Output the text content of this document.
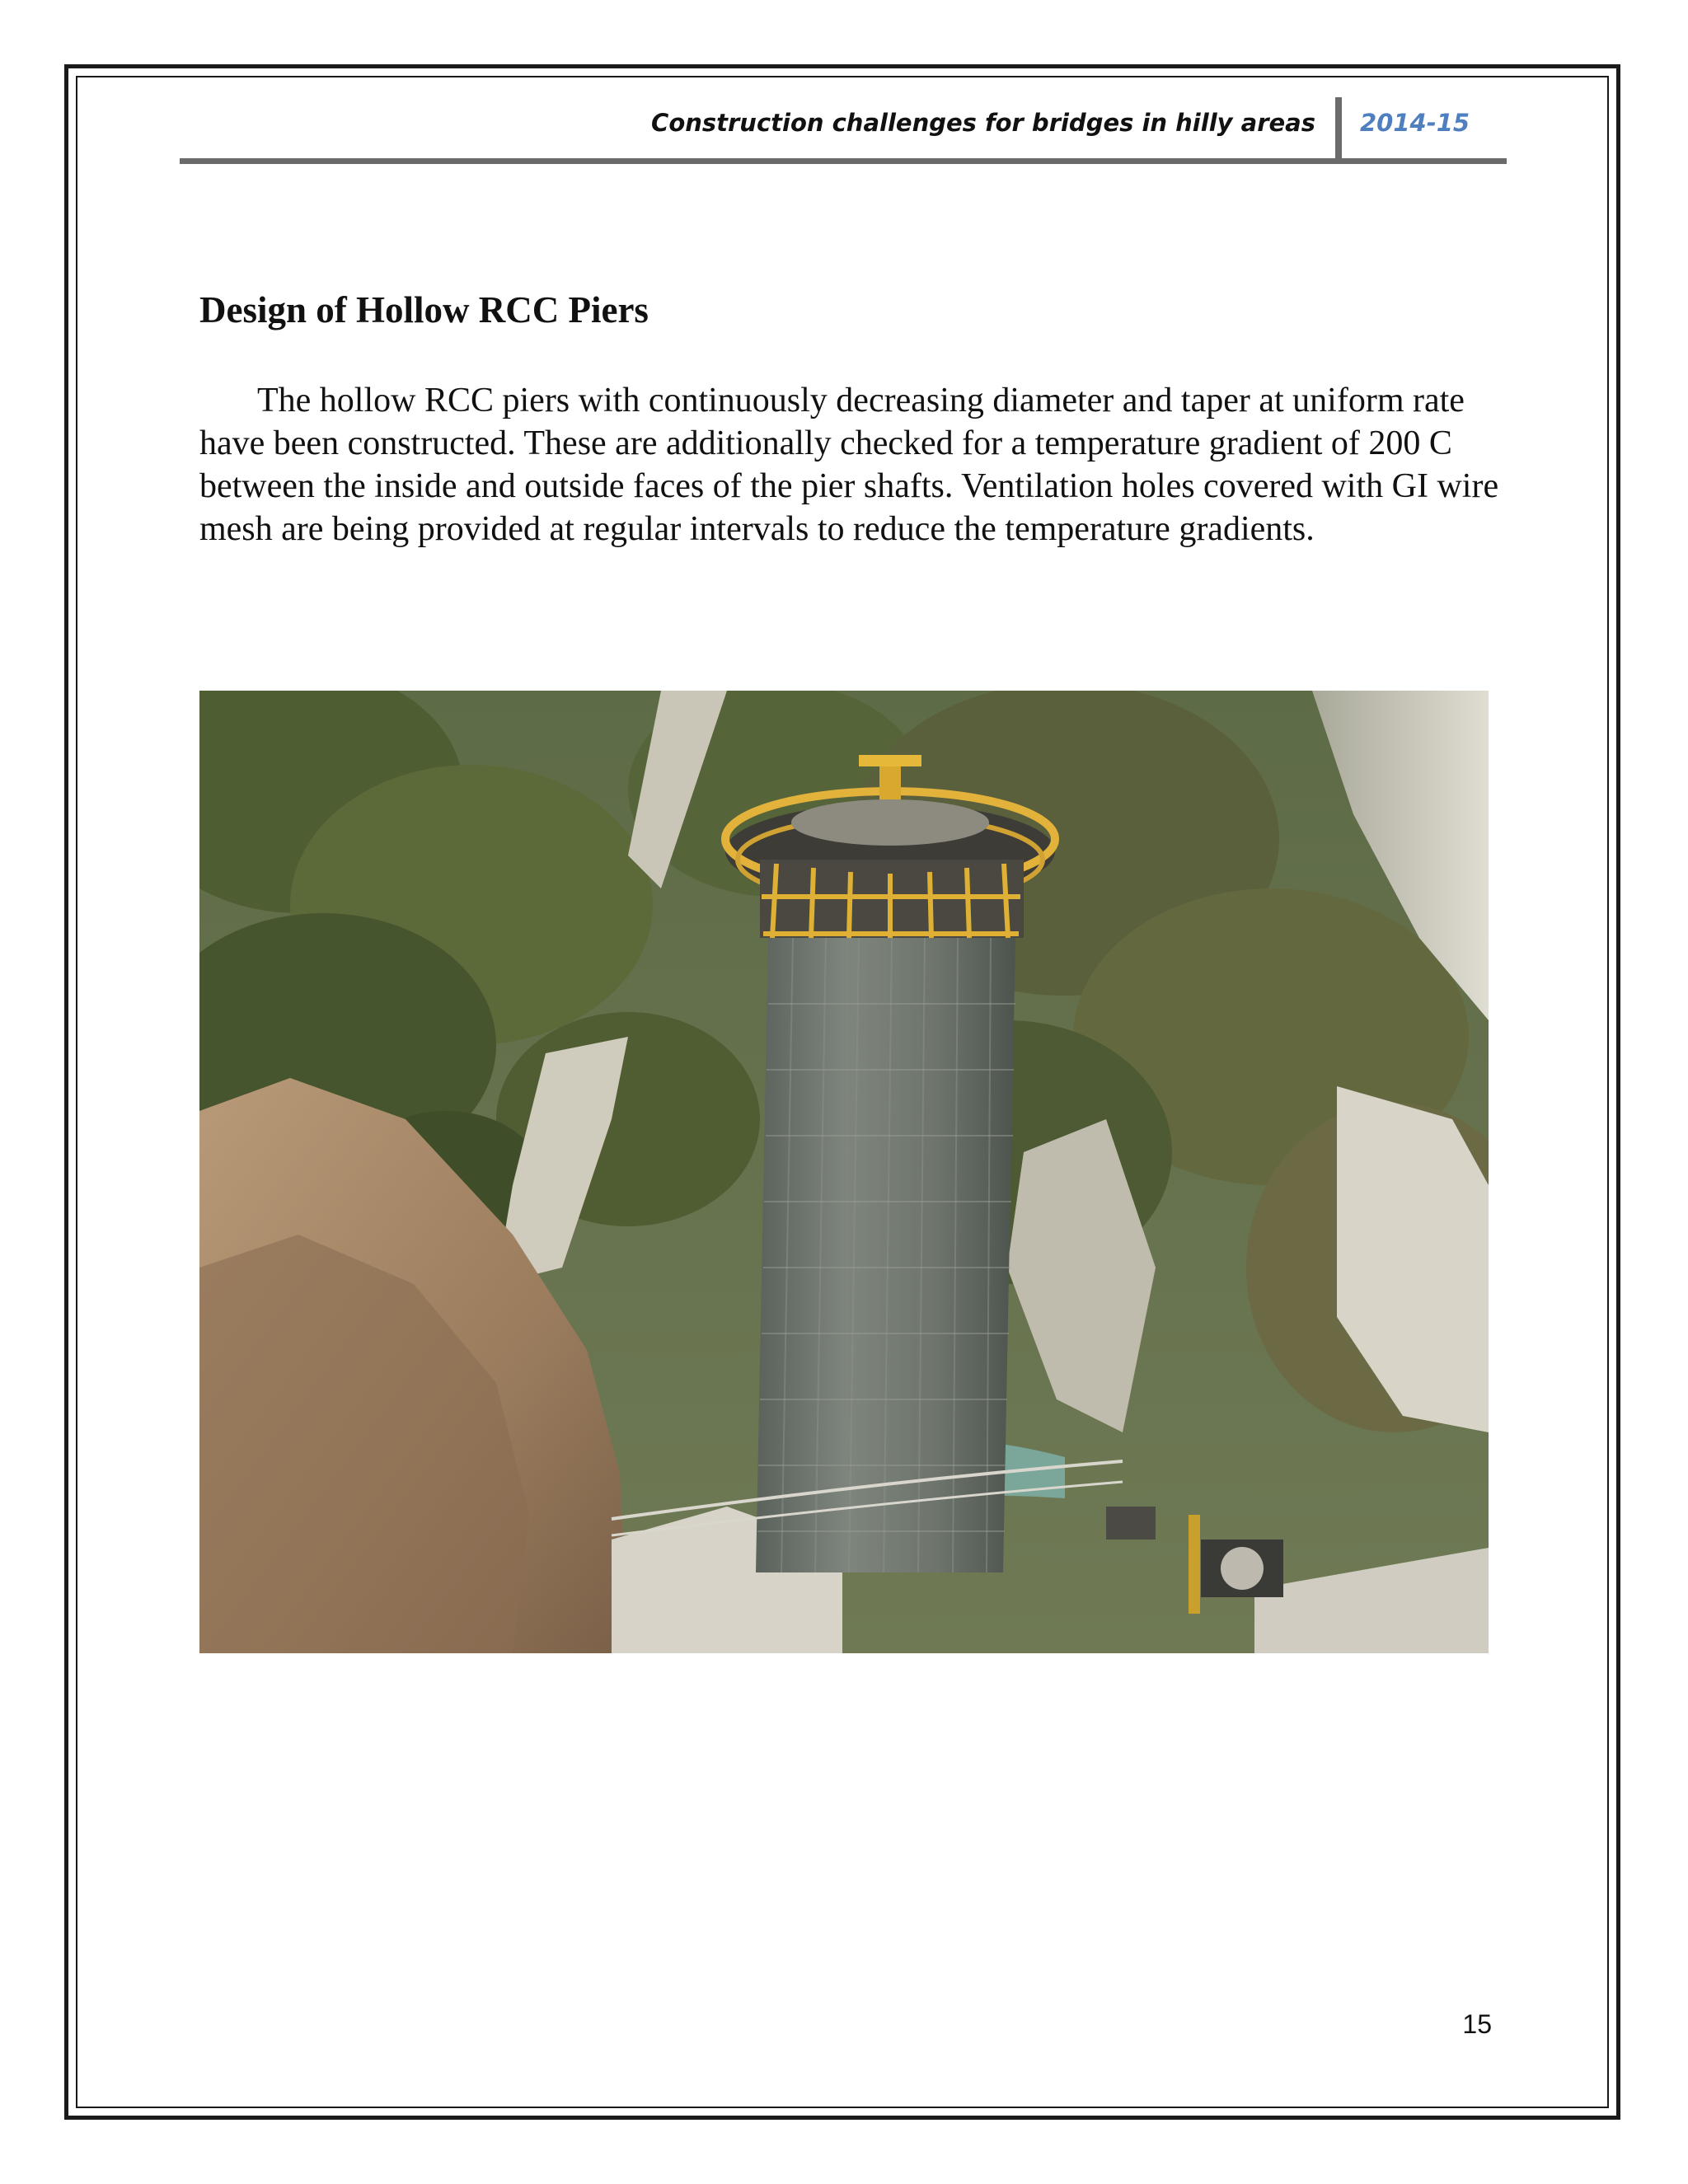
Construction challenges for bridges in hilly areas 2014-15
Design of Hollow RCC Piers

The hollow RCC piers with continuously decreasing diameter and taper at uniform rate have been constructed. These are additionally checked for a temperature gradient of 200 C between the inside and outside faces of the pier shafts. Ventilation holes covered with GI wire mesh are being provided at regular intervals to reduce the temperature gradients.

15
